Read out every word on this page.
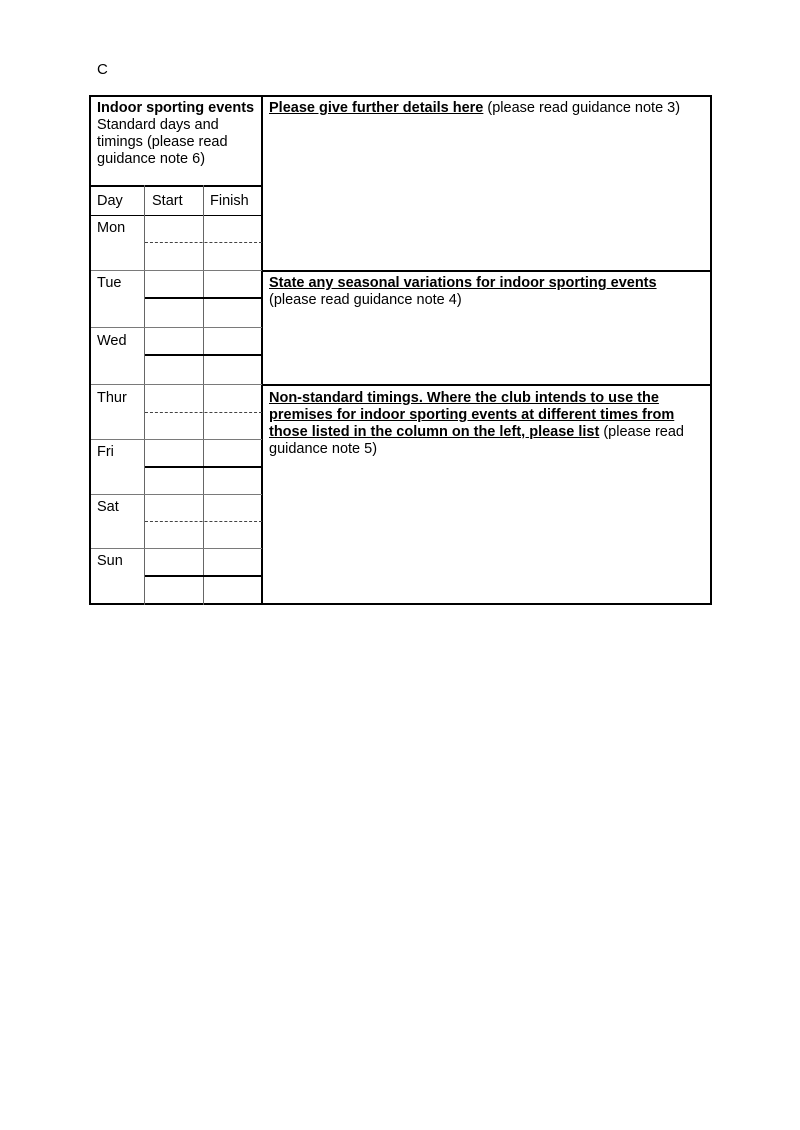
C
Indoor sporting events
Standard days and timings (please read guidance note 6)
Day Start Finish
Mon
Tue
Wed
Thur
Fri
Sat
Sun
Please give further details here (please read guidance note 3)
State any seasonal variations for indoor sporting events
(please read guidance note 4)
Non-standard timings. Where the club intends to use the premises for indoor sporting events at different times from those listed in the column on the left, please list (please read guidance note 5)
